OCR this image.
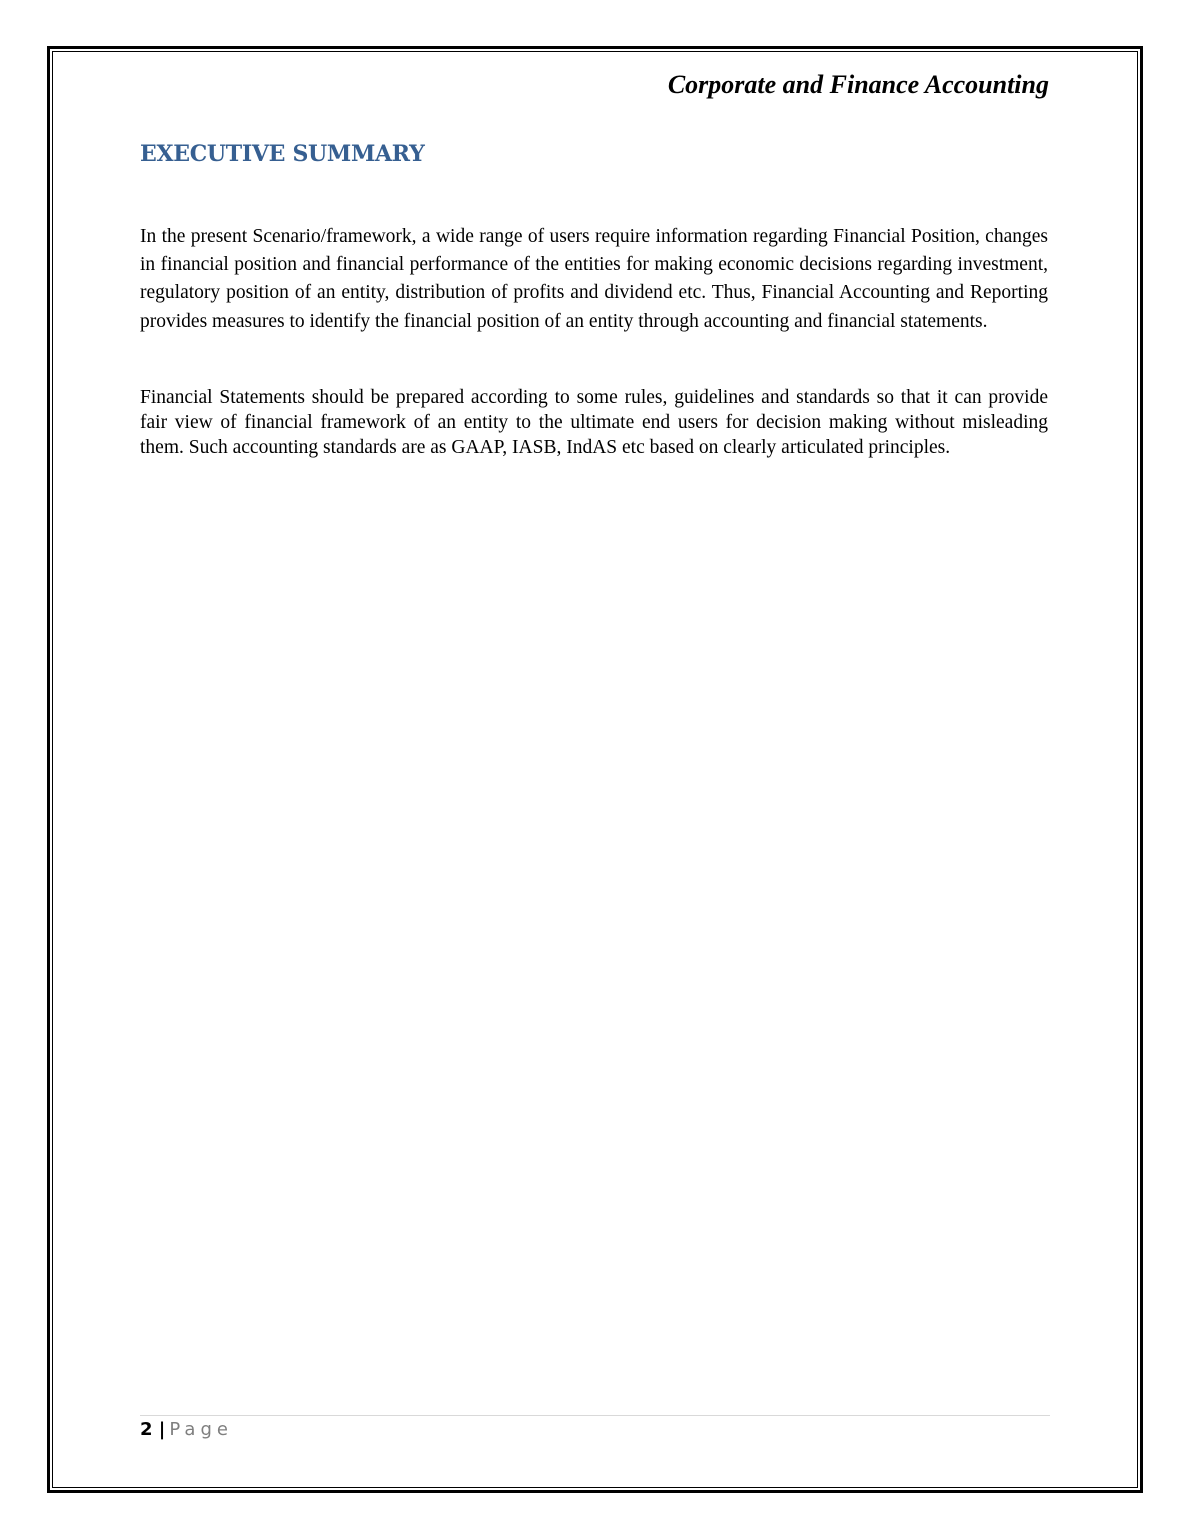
Corporate and Finance Accounting
EXECUTIVE SUMMARY

In the present Scenario/framework, a wide range of users require information regarding Financial Position, changes in financial position and financial performance of the entities for making economic decisions regarding investment, regulatory position of an entity, distribution of profits and dividend etc. Thus, Financial Accounting and Reporting provides measures to identify the financial position of an entity through accounting and financial statements.

Financial Statements should be prepared according to some rules, guidelines and standards so that it can provide fair view of financial framework of an entity to the ultimate end users for decision making without misleading them. Such accounting standards are as GAAP, IASB, IndAS etc based on clearly articulated principles.

2 | Page
